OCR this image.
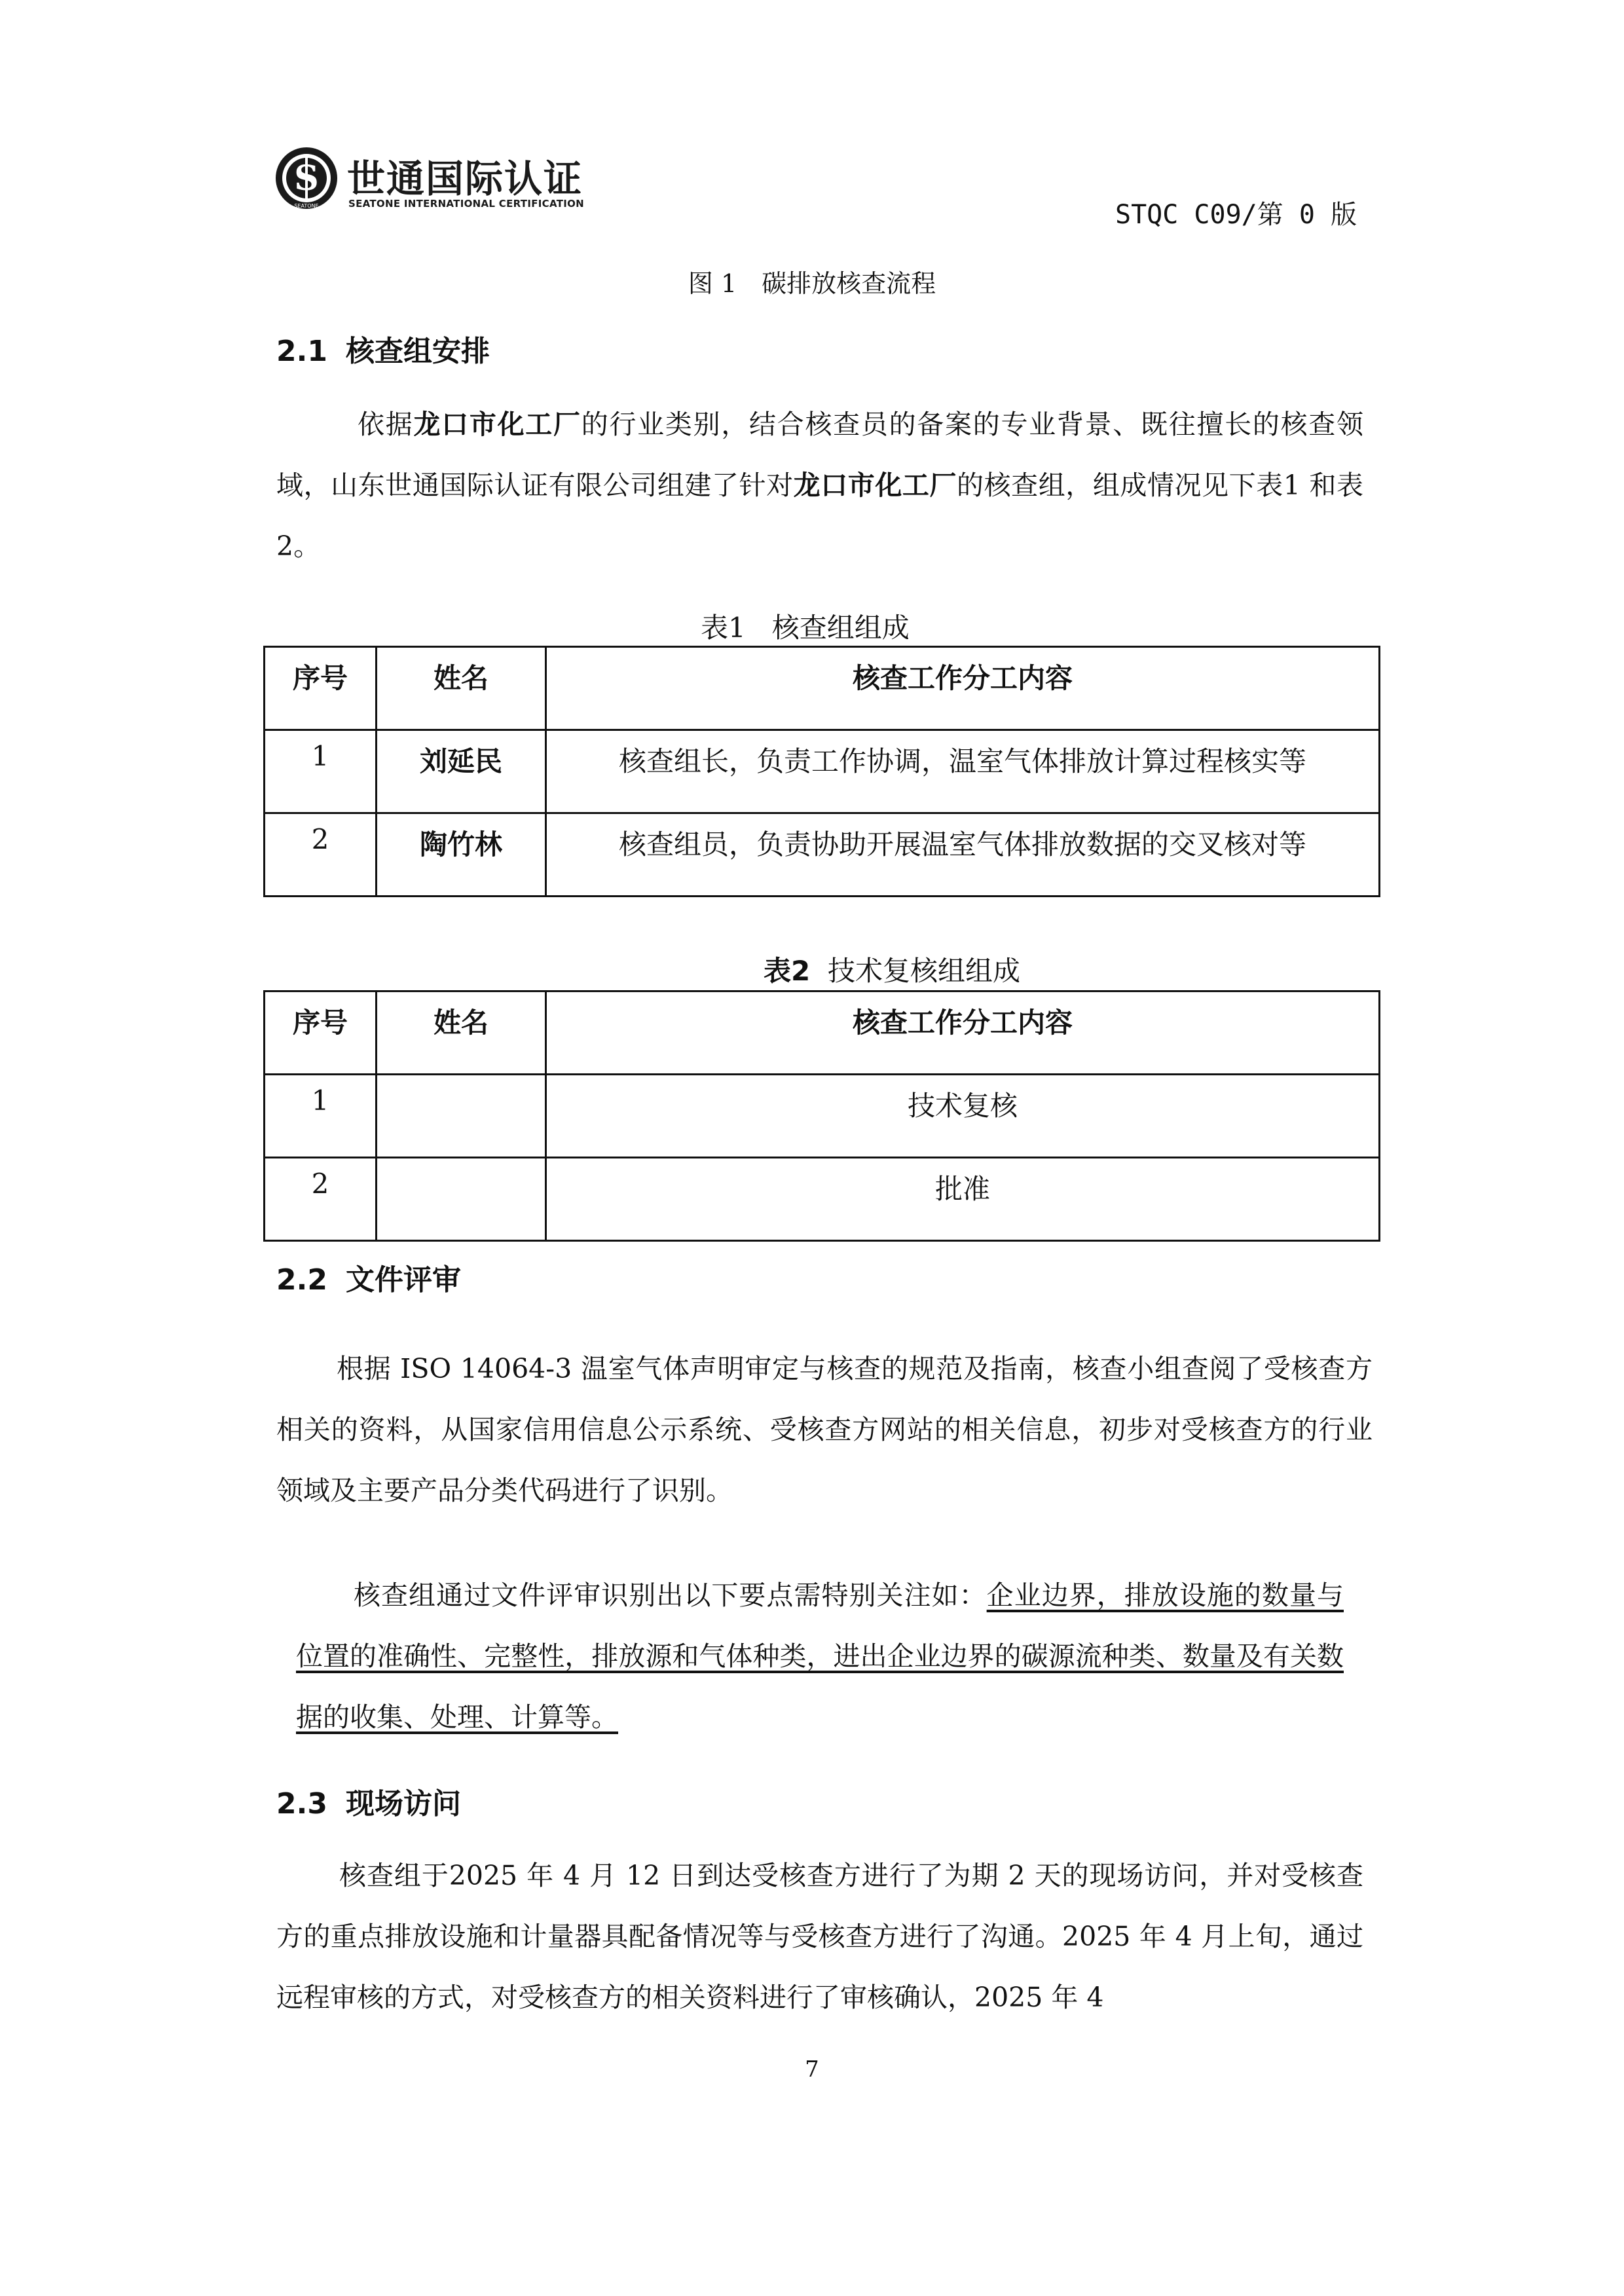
S
SEATONE
世通国际认证
SEATONE INTERNATIONAL CERTIFICATION	STQC C09/第 0 版
图 1　碳排放核查流程
2.1 核查组安排

依据龙口市化工厂的行业类别，结合核查员的备案的专业背景、既往擅长的核查领域，山东世通国际认证有限公司组建了针对龙口市化工厂的核查组，组成情况见下表1 和表2。

表1 核查组组成
序号	姓名	核查工作分工内容

1	刘延民	核查组长，负责工作协调，温室气体排放计算过程核实等

2	陶竹林	核查组员，负责协助开展温室气体排放数据的交叉核对等
表2 技术复核组组成
序号	姓名	核查工作分工内容

1		技术复核

2		批准
2.2 文件评审

根据 ISO 14064-3 温室气体声明审定与核查的规范及指南，核查小组查阅了受核查方相关的资料，从国家信用信息公示系统、受核查方网站的相关信息，初步对受核查方的行业领域及主要产品分类代码进行了识别。

核查组通过文件评审识别出以下要点需特别关注如：企业边界，排放设施的数量与位置的准确性、完整性，排放源和气体种类，进出企业边界的碳源流种类、数量及有关数据的收集、处理、计算等。

2.3 现场访问

核查组于2025 年 4 月 12 日到达受核查方进行了为期 2 天的现场访问，并对受核查方的重点排放设施和计量器具配备情况等与受核查方进行了沟通。2025 年 4 月上旬，通过远程审核的方式，对受核查方的相关资料进行了审核确认，2025 年 4

7
